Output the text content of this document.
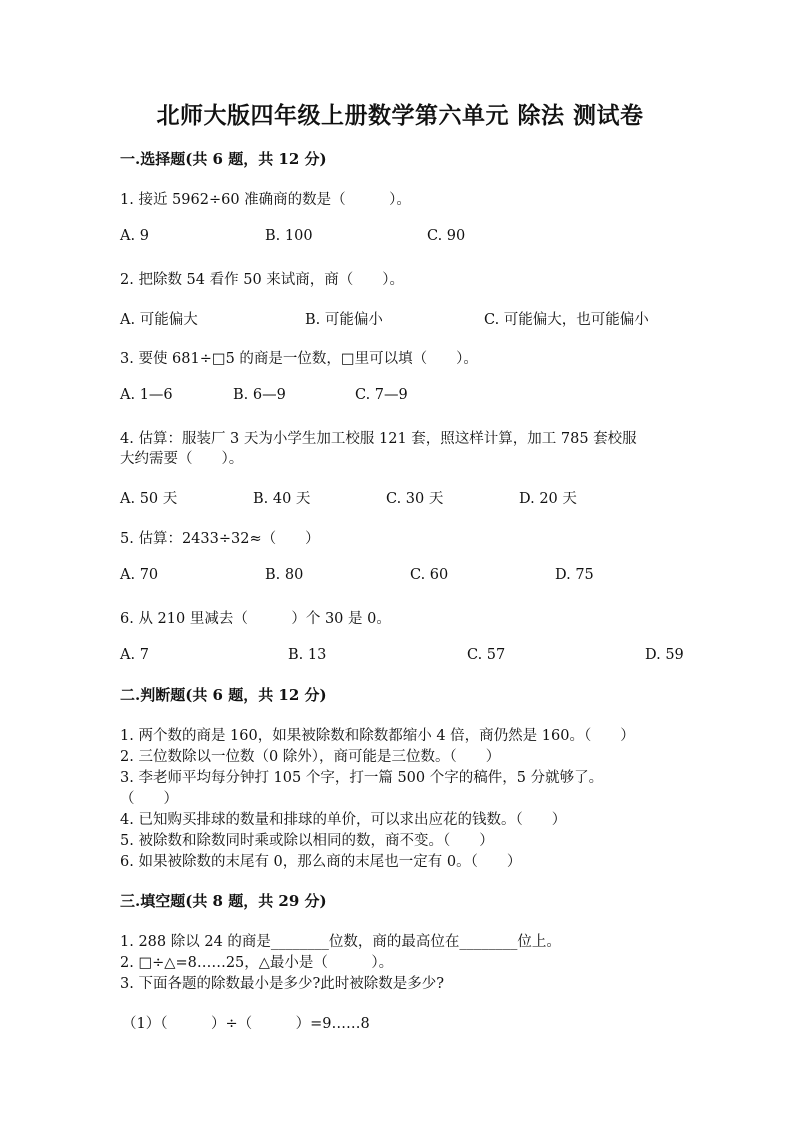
北师大版四年级上册数学第六单元 除法 测试卷

一.选择题(共 6 题，共 12 分)

1. 接近 5962÷60 准确商的数是（　　　）。

A. 9	B. 100	C. 90

2. 把除数 54 看作 50 来试商，商（　　）。

A. 可能偏大	B. 可能偏小	C. 可能偏大，也可能偏小

3. 要使 681÷□5 的商是一位数，□里可以填（　　）。

A. 1—6	B. 6—9	C. 7—9

4. 估算：服装厂 3 天为小学生加工校服 121 套，照这样计算，加工 785 套校服

大约需要（　　）。

A. 50 天	B. 40 天	C. 30 天	D. 20 天

5. 估算：2433÷32≈（　　）

A. 70	B. 80	C. 60	D. 75

6. 从 210 里减去（　　　）个 30 是 0。

A. 7	B. 13	C. 57	D. 59

二.判断题(共 6 题，共 12 分)

1. 两个数的商是 160，如果被除数和除数都缩小 4 倍，商仍然是 160。（　　）

2. 三位数除以一位数（0 除外），商可能是三位数。（　　）

3. 李老师平均每分钟打 105 个字，打一篇 500 个字的稿件，5 分就够了。

（　　）

4. 已知购买排球的数量和排球的单价，可以求出应花的钱数。（　　）

5. 被除数和除数同时乘或除以相同的数，商不变。（　　）

6. 如果被除数的末尾有 0，那么商的末尾也一定有 0。（　　）

三.填空题(共 8 题，共 29 分)

1. 288 除以 24 的商是________位数，商的最高位在________位上。

2. □÷△=8……25，△最小是（　　　）。

3. 下面各题的除数最小是多少?此时被除数是多少?

（1）（　　　）÷（　　　）=9……8
